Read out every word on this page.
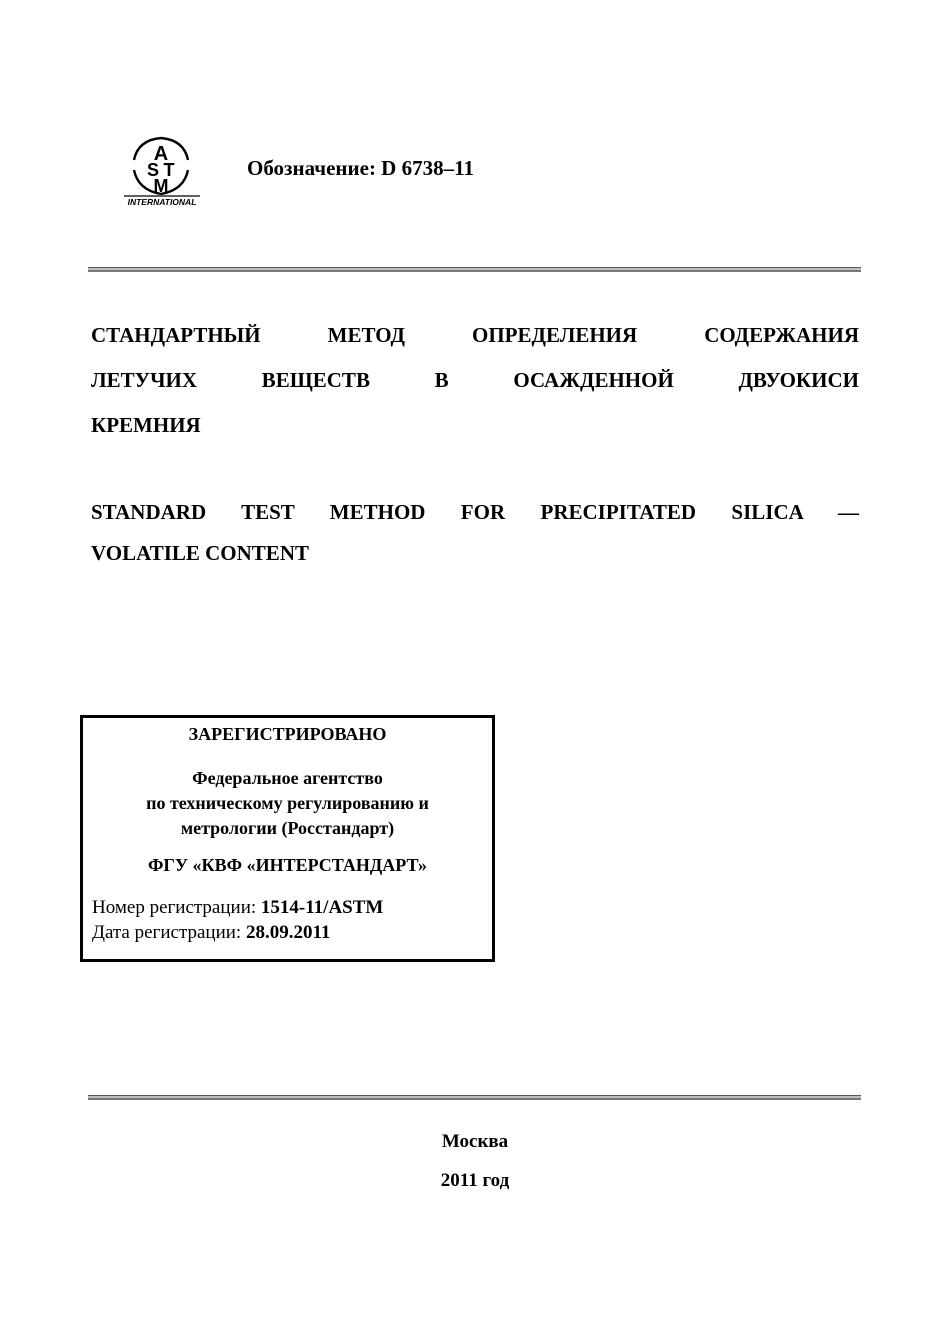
A
S T
M
INTERNATIONAL
Обозначение: D 6738–11
СТАНДАРТНЫЙ МЕТОД ОПРЕДЕЛЕНИЯ СОДЕРЖАНИЯ
ЛЕТУЧИХ ВЕЩЕСТВ В ОСАЖДЕННОЙ ДВУОКИСИ
КРЕМНИЯ
STANDARD TEST METHOD FOR PRECIPITATED SILICA —
VOLATILE CONTENT
ЗАРЕГИСТРИРОВАНО
Федеральное агентство
по техническому регулированию и
метрологии (Росстандарт)
ФГУ «КВФ «ИНТЕРСТАНДАРТ»
Номер регистрации: 1514-11/ASTM
Дата регистрации: 28.09.2011
Москва
2011 год
